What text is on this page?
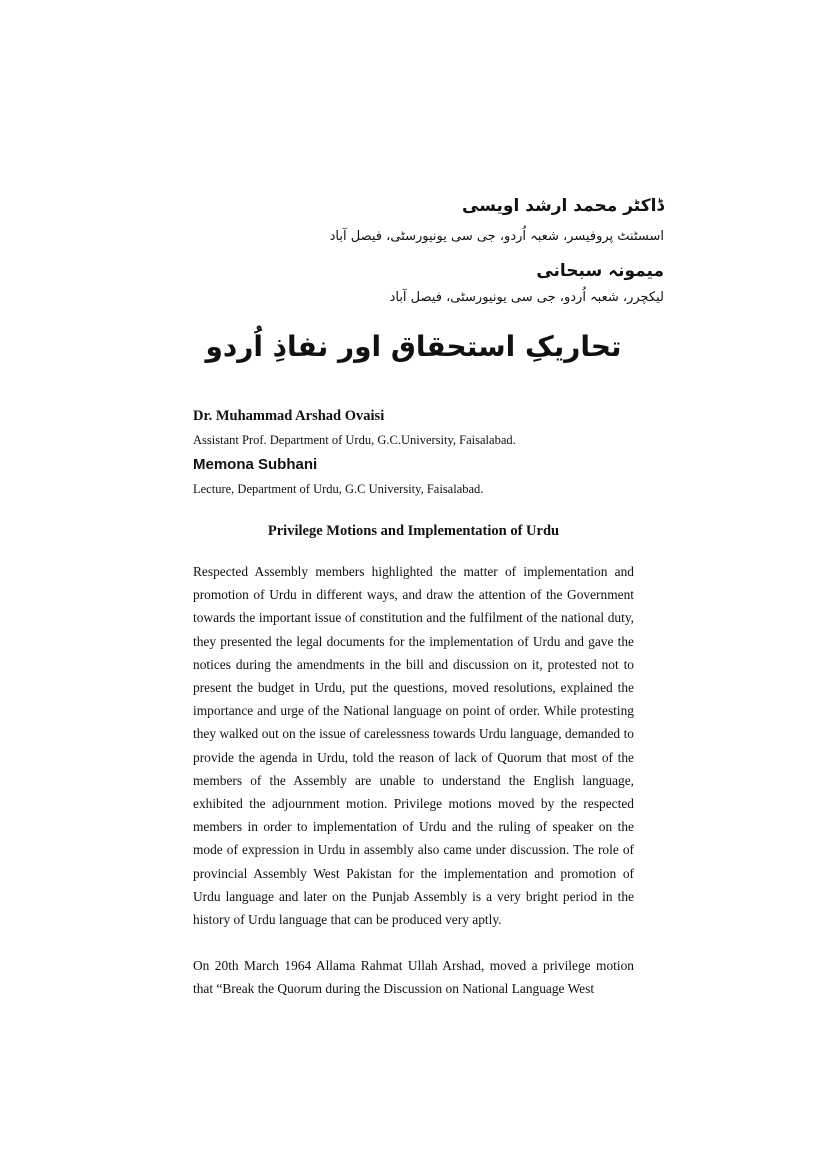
ڈاکٹر محمد ارشد اویسی
اسسٹنٹ پروفیسر، شعبہ اُردو، جی سی یونیورسٹی، فیصل آباد
میمونہ سبحانی
لیکچرر، شعبہ اُردو، جی سی یونیورسٹی، فیصل آباد
تحاریکِ استحقاق اور نفاذِ اُردو
Dr. Muhammad Arshad Ovaisi
Assistant Prof. Department of Urdu, G.C.University, Faisalabad.
Memona Subhani
Lecture, Department of Urdu, G.C University, Faisalabad.
Privilege Motions and Implementation of Urdu

Respected Assembly members highlighted the matter of implementation and promotion of Urdu in different ways, and draw the attention of the Government towards the important issue of constitution and the fulfilment of the national duty, they presented the legal documents for the implementation of Urdu and gave the notices during the amendments in the bill and discussion on it, protested not to present the budget in Urdu, put the questions, moved resolutions, explained the importance and urge of the National language on point of order. While protesting they walked out on the issue of carelessness towards Urdu language, demanded to provide the agenda in Urdu, told the reason of lack of Quorum that most of the members of the Assembly are unable to understand the English language, exhibited the adjournment motion. Privilege motions moved by the respected members in order to implementation of Urdu and the ruling of speaker on the mode of expression in Urdu in assembly also came under discussion. The role of provincial Assembly West Pakistan for the implementation and promotion of Urdu language and later on the Punjab Assembly is a very bright period in the history of Urdu language that can be produced very aptly.

On 20th March 1964 Allama Rahmat Ullah Arshad, moved a privilege motion that “Break the Quorum during the Discussion on National Language West
